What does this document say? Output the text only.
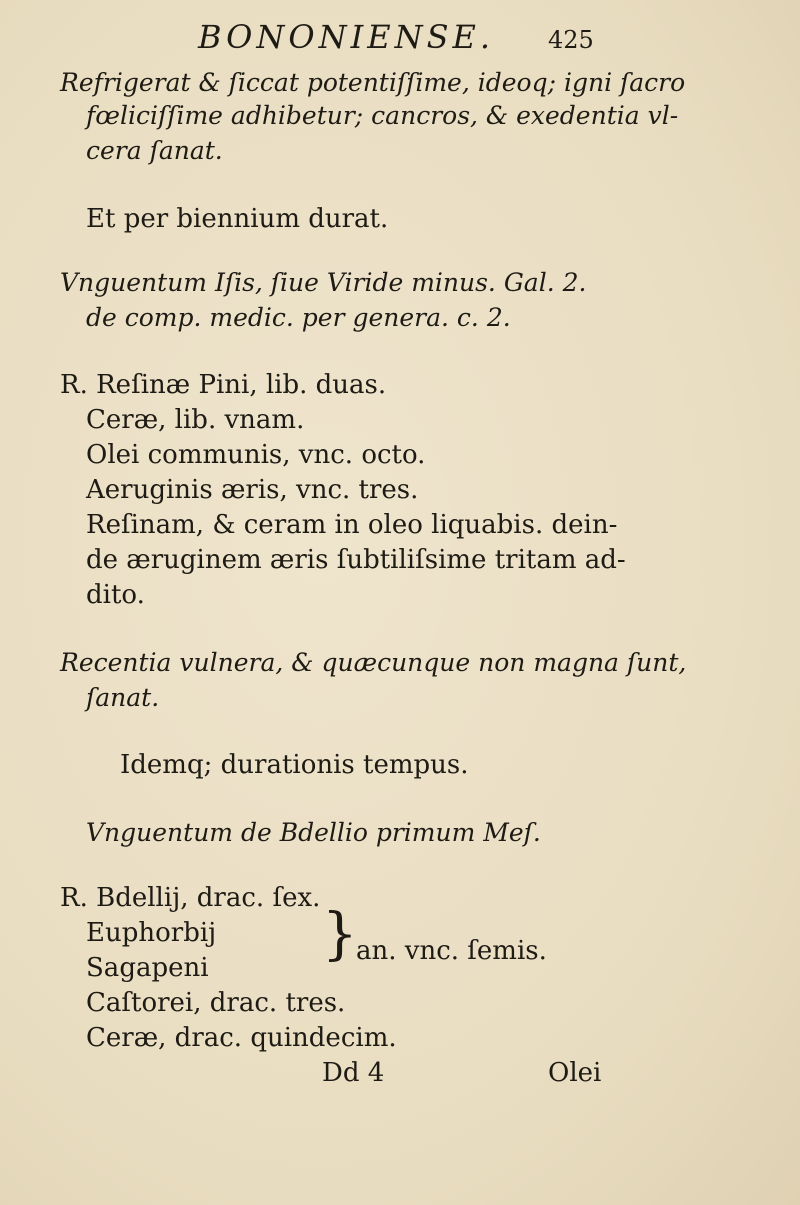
BONONIENSE. 425
Refrigerat & ſiccat potentiſſime, ideoq; igni ſacro
fœliciſſime adhibetur; cancros, & exedentia vl-
cera ſanat.
Et per biennium durat.
Vnguentum Iſis, ſiue Viride minus. Gal. 2.
de comp. medic. per genera. c. 2.
R. Reſinæ Pini, lib. duas.
Ceræ, lib. vnam.
Olei communis, vnc. octo.
Aeruginis æris, vnc. tres.
Reſinam, & ceram in oleo liquabis. dein-
de æruginem æris ſubtiliſsime tritam ad-
dito.
Recentia vulnera, & quæcunque non magna ſunt,
ſanat.
Idemq; durationis tempus.
Vnguentum de Bdellio primum Meſ.
R. Bdellij, drac. ſex.
Euphorbij
Sagapeni
}
an. vnc. ſemis.
Caſtorei, drac. tres.
Ceræ, drac. quindecim.
Dd 4	Olei
